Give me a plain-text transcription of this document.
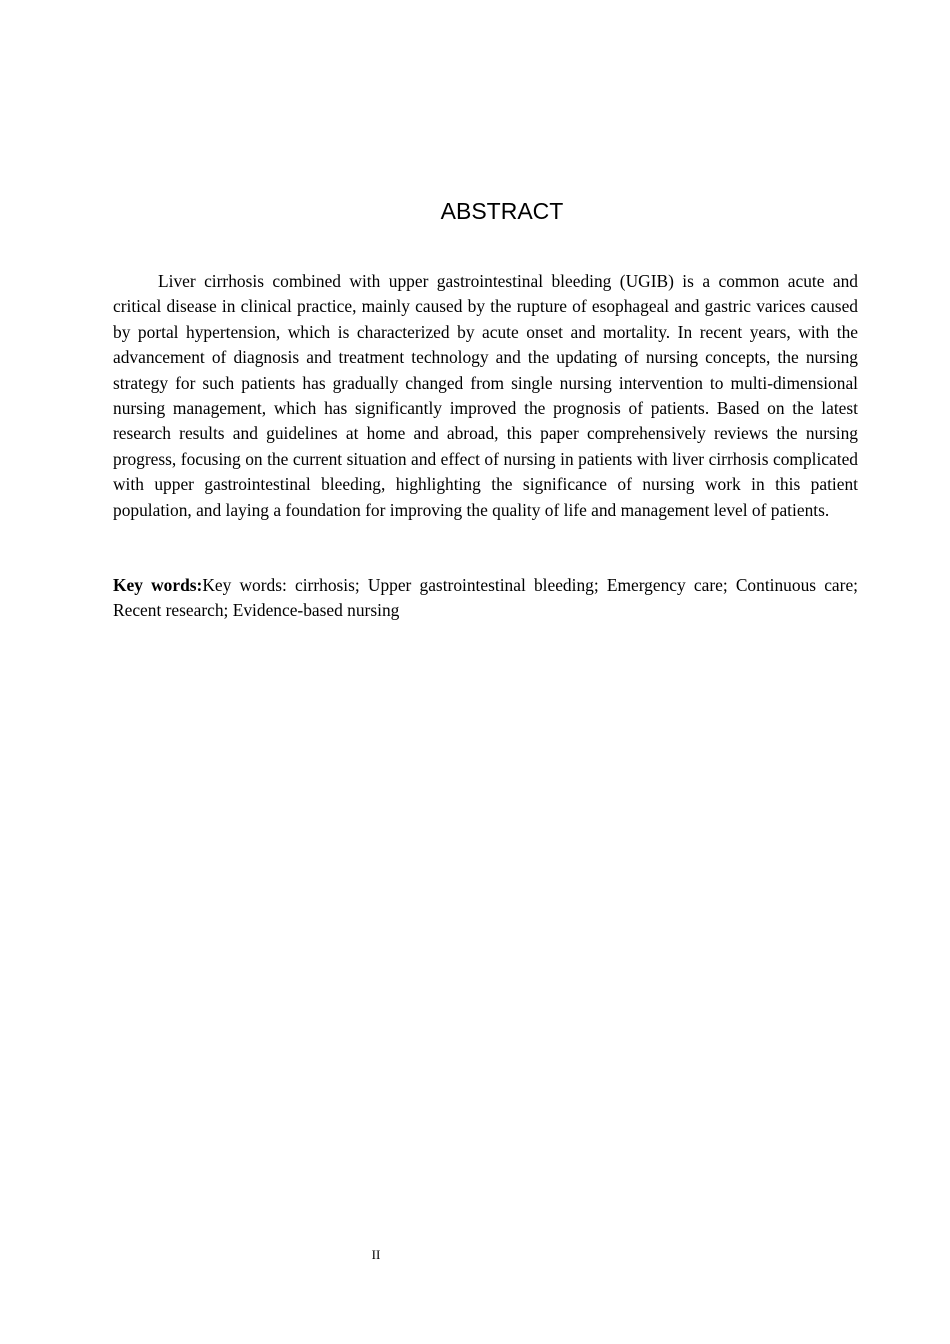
ABSTRACT

Liver cirrhosis combined with upper gastrointestinal bleeding (UGIB) is a common acute and critical disease in clinical practice, mainly caused by the rupture of esophageal and gastric varices caused by portal hypertension, which is characterized by acute onset and mortality. In recent years, with the advancement of diagnosis and treatment technology and the updating of nursing concepts, the nursing strategy for such patients has gradually changed from single nursing intervention to multi-dimensional nursing management, which has significantly improved the prognosis of patients. Based on the latest research results and guidelines at home and abroad, this paper comprehensively reviews the nursing progress, focusing on the current situation and effect of nursing in patients with liver cirrhosis complicated with upper gastrointestinal bleeding, highlighting the significance of nursing work in this patient population, and laying a foundation for improving the quality of life and management level of patients.

Key words:Key words: cirrhosis; Upper gastrointestinal bleeding; Emergency care; Continuous care; Recent research; Evidence-based nursing

II
